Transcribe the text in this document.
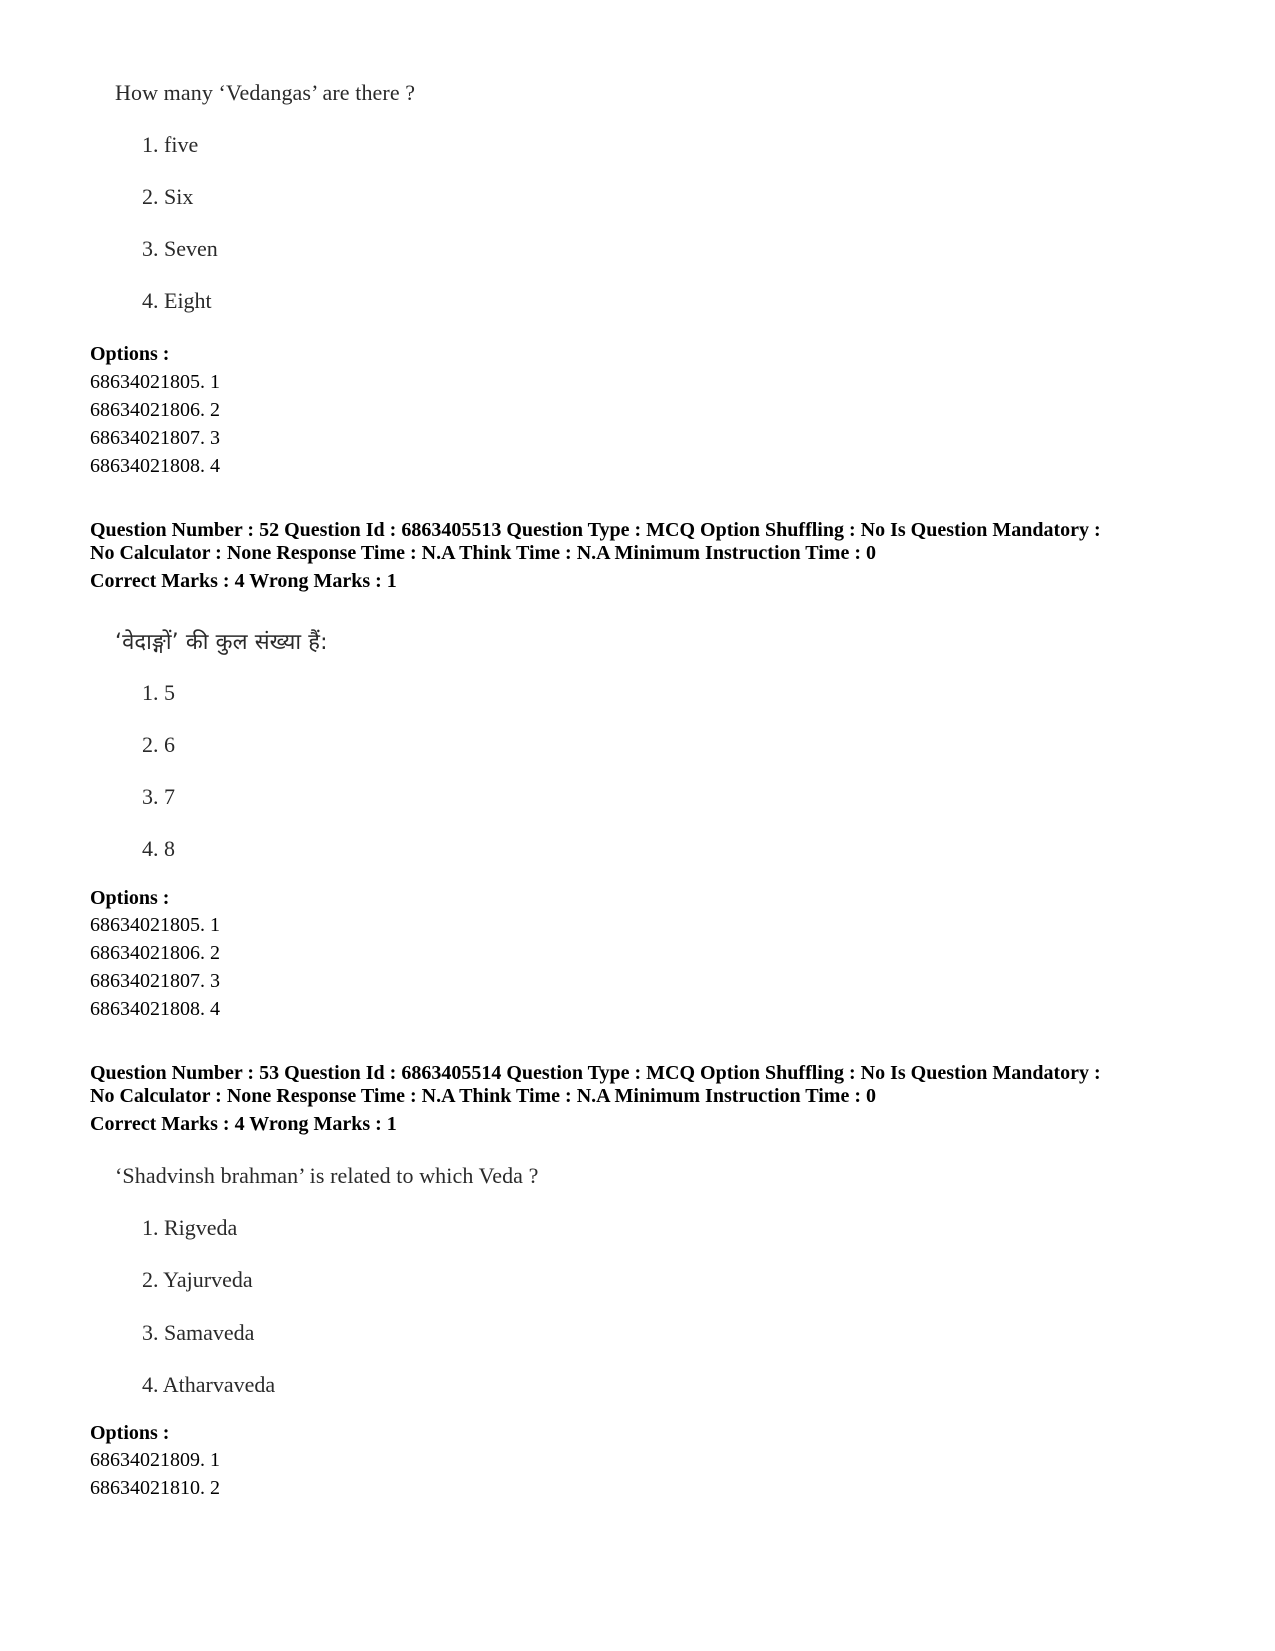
How many ‘Vedangas’ are there ?
1. five
2. Six
3. Seven
4. Eight
Options :
68634021805. 1
68634021806. 2
68634021807. 3
68634021808. 4
Question Number : 52 Question Id : 6863405513 Question Type : MCQ Option Shuffling : No Is Question Mandatory :
No Calculator : None Response Time : N.A Think Time : N.A Minimum Instruction Time : 0
Correct Marks : 4 Wrong Marks : 1
‘वेदाङ्गों’ की कुल संख्या हैं:
1. 5
2. 6
3. 7
4. 8
Options :
68634021805. 1
68634021806. 2
68634021807. 3
68634021808. 4
Question Number : 53 Question Id : 6863405514 Question Type : MCQ Option Shuffling : No Is Question Mandatory :
No Calculator : None Response Time : N.A Think Time : N.A Minimum Instruction Time : 0
Correct Marks : 4 Wrong Marks : 1
‘Shadvinsh brahman’ is related to which Veda ?
1. Rigveda
2. Yajurveda
3. Samaveda
4. Atharvaveda
Options :
68634021809. 1
68634021810. 2
